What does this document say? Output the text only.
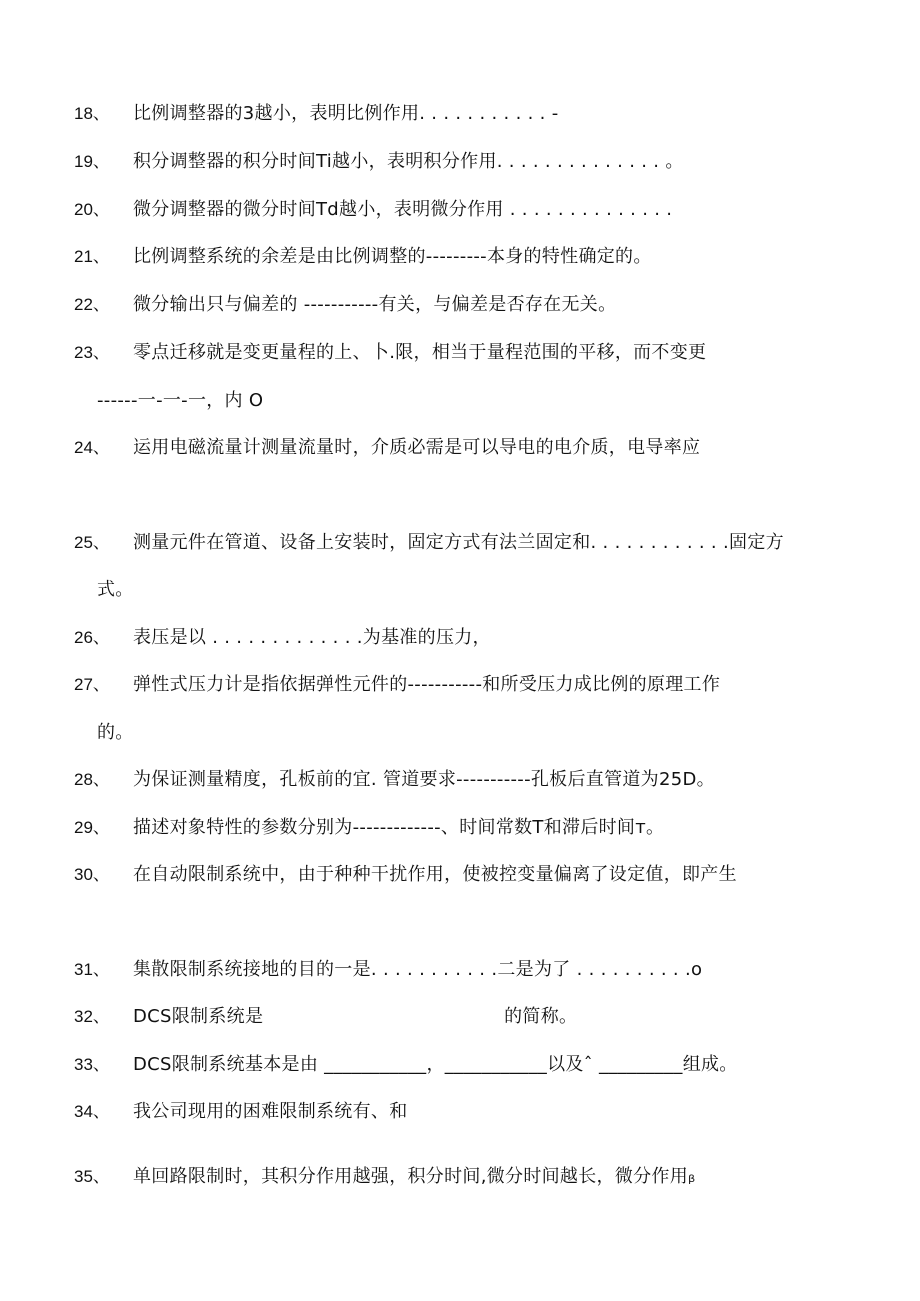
18、 比例调整器的3越小，表明比例作用. . . . . . . . . . . -
19、 积分调整器的积分时间Ti越小，表明积分作用. . . . . . . . . . . . . . 。
20、 微分调整器的微分时间Td越小，表明微分作用 . . . . . . . . . . . . . .
21、 比例调整系统的余差是由比例调整的---------本身的特性确定的。
22、 微分输出只与偏差的 -----------有关，与偏差是否存在无关。
23、 零点迁移就是变更量程的上、卜.限，相当于量程范围的平移，而不变更
------一-一-一，内 O
24、 运用电磁流量计测量流量时，介质必需是可以导电的电介质，电导率应
25、 测量元件在管道、设备上安装时，固定方式有法兰固定和. . . . . . . . . . . .固定方
式。
26、 表压是以 . . . . . . . . . . . . .为基准的压力，
27、 弹性式压力计是指依据弹性元件的-----------和所受压力成比例的原理工作
的。
28、 为保证测量精度，孔板前的宜. 管道要求-----------孔板后直管道为25D。
29、 描述对象特性的参数分别为-------------、时间常数T和滞后时间т。
30、 在自动限制系统中，由于种种干扰作用，使被控变量偏离了设定值，即产生
31、 集散限制系统接地的目的一是. . . . . . . . . . .二是为了 . . . . . . . . . .o
32、 DCS限制系统是                                        的简称。
33、 DCS限制系统基本是由 ___________，___________以及ˆ _________组成。
34、 我公司现用的困难限制系统有、和
35、 单回路限制时，其积分作用越强，积分时间,微分时间越长，微分作用ᵦ
